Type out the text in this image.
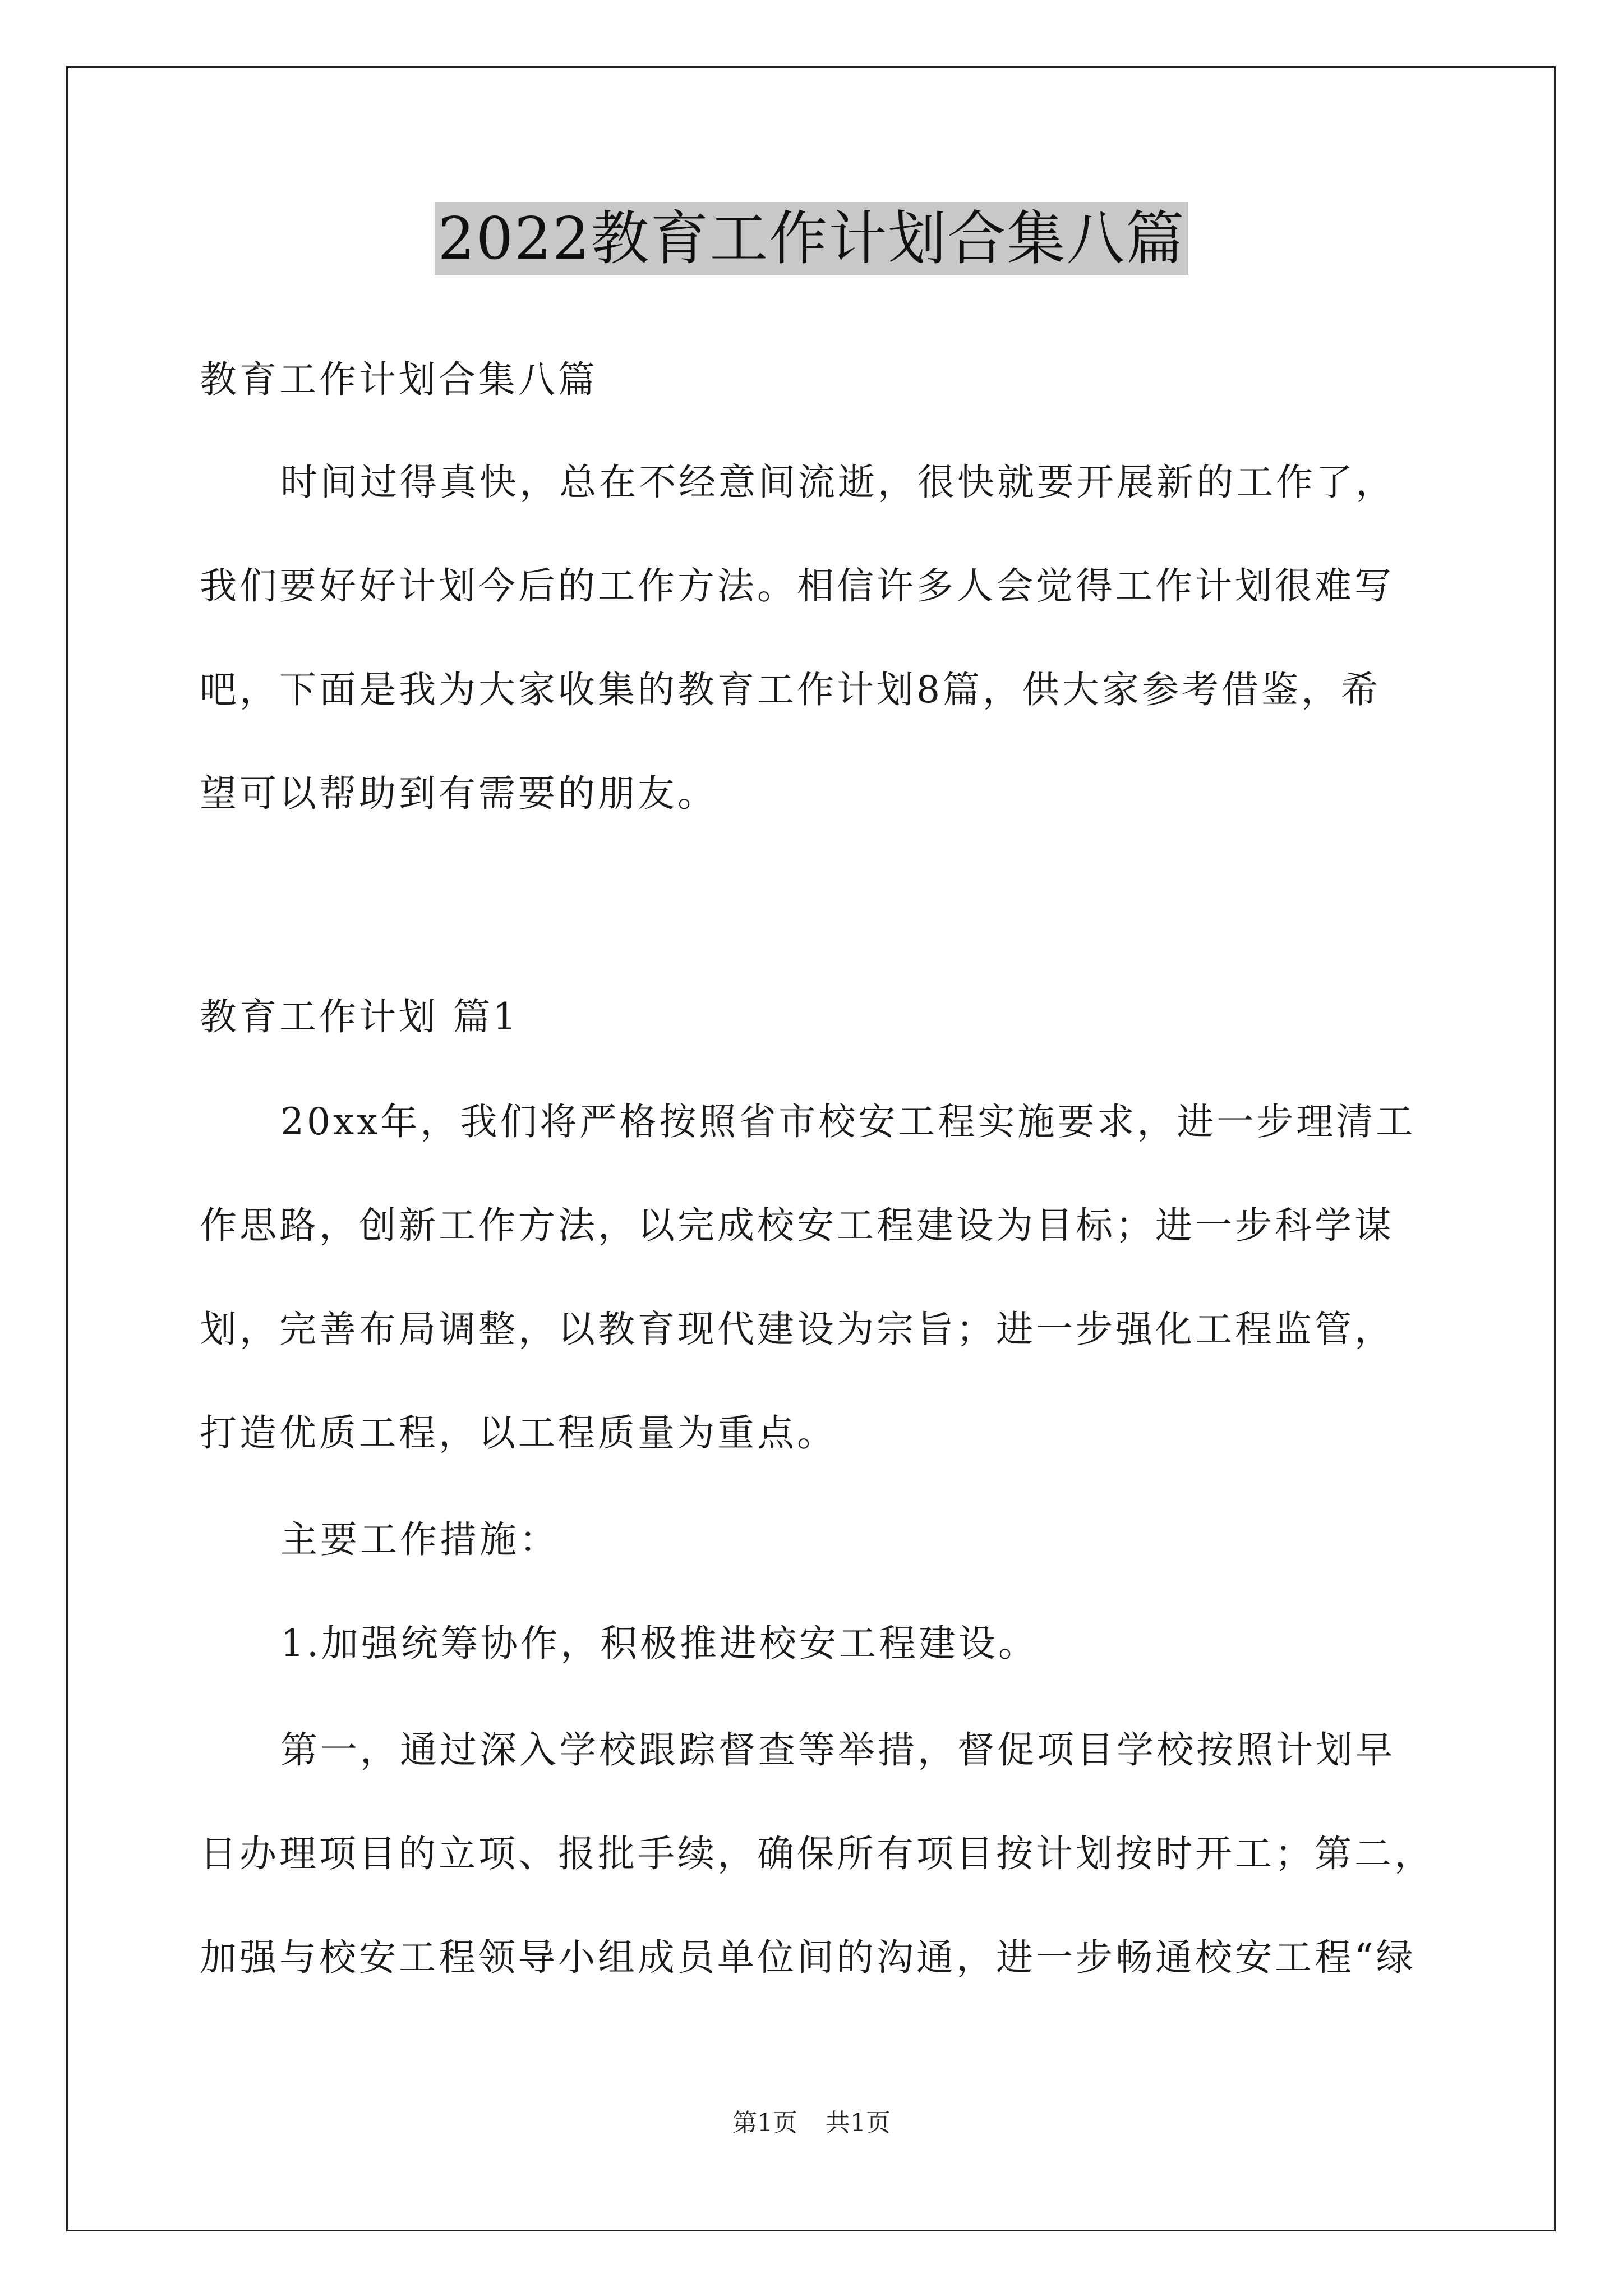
2022教育工作计划合集八篇
教育工作计划合集八篇
时间过得真快，总在不经意间流逝，很快就要开展新的工作了，
我们要好好计划今后的工作方法。相信许多人会觉得工作计划很难写
吧，下面是我为大家收集的教育工作计划8篇，供大家参考借鉴，希
望可以帮助到有需要的朋友。
教育工作计划 篇1
20xx年，我们将严格按照省市校安工程实施要求，进一步理清工
作思路，创新工作方法，以完成校安工程建设为目标；进一步科学谋
划，完善布局调整，以教育现代建设为宗旨；进一步强化工程监管，
打造优质工程，以工程质量为重点。
主要工作措施：
1.加强统筹协作，积极推进校安工程建设。
第一，通过深入学校跟踪督查等举措，督促项目学校按照计划早
日办理项目的立项、报批手续，确保所有项目按计划按时开工；第二，
加强与校安工程领导小组成员单位间的沟通，进一步畅通校安工程“绿
第1页 共1页
